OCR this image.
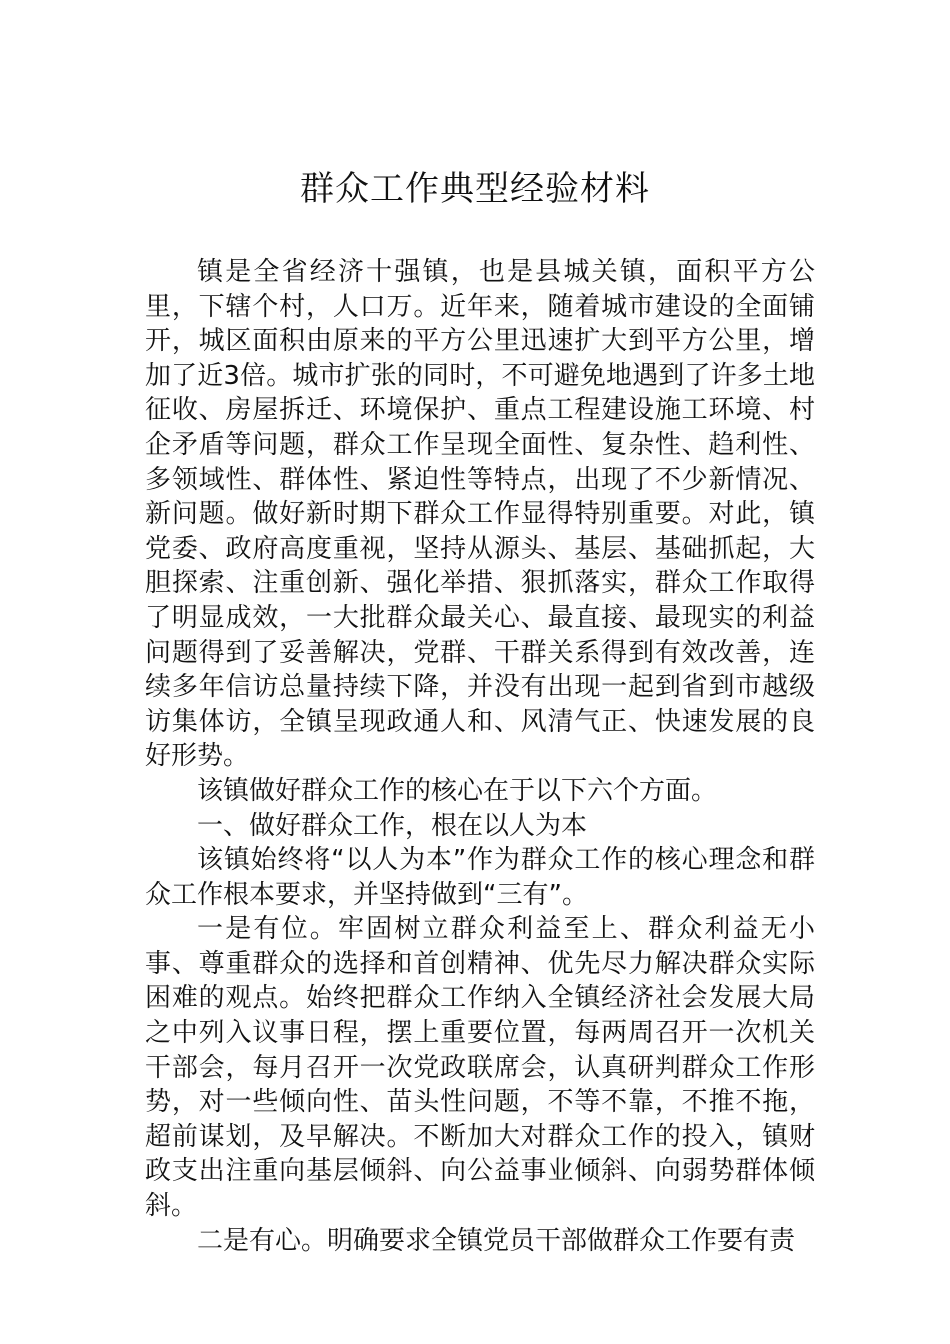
群众工作典型经验材料

镇是全省经济十强镇，也是县城关镇，面积平方公里，下辖个村，人口万。近年来，随着城市建设的全面铺开，城区面积由原来的平方公里迅速扩大到平方公里，增加了近3倍。城市扩张的同时，不可避免地遇到了许多土地征收、房屋拆迁、环境保护、重点工程建设施工环境、村企矛盾等问题，群众工作呈现全面性、复杂性、趋利性、多领域性、群体性、紧迫性等特点，出现了不少新情况、新问题。做好新时期下群众工作显得特别重要。对此，镇党委、政府高度重视，坚持从源头、基层、基础抓起，大胆探索、注重创新、强化举措、狠抓落实，群众工作取得了明显成效，一大批群众最关心、最直接、最现实的利益问题得到了妥善解决，党群、干群关系得到有效改善，连续多年信访总量持续下降，并没有出现一起到省到市越级访集体访，全镇呈现政通人和、风清气正、快速发展的良好形势。

该镇做好群众工作的核心在于以下六个方面。

一、做好群众工作，根在以人为本

该镇始终将“以人为本”作为群众工作的核心理念和群众工作根本要求，并坚持做到“三有”。

一是有位。牢固树立群众利益至上、群众利益无小事、尊重群众的选择和首创精神、优先尽力解决群众实际困难的观点。始终把群众工作纳入全镇经济社会发展大局之中列入议事日程，摆上重要位置，每两周召开一次机关干部会，每月召开一次党政联席会，认真研判群众工作形势，对一些倾向性、苗头性问题，不等不靠，不推不拖，超前谋划，及早解决。不断加大对群众工作的投入，镇财政支出注重向基层倾斜、向公益事业倾斜、向弱势群体倾斜。

二是有心。明确要求全镇党员干部做群众工作要有责
